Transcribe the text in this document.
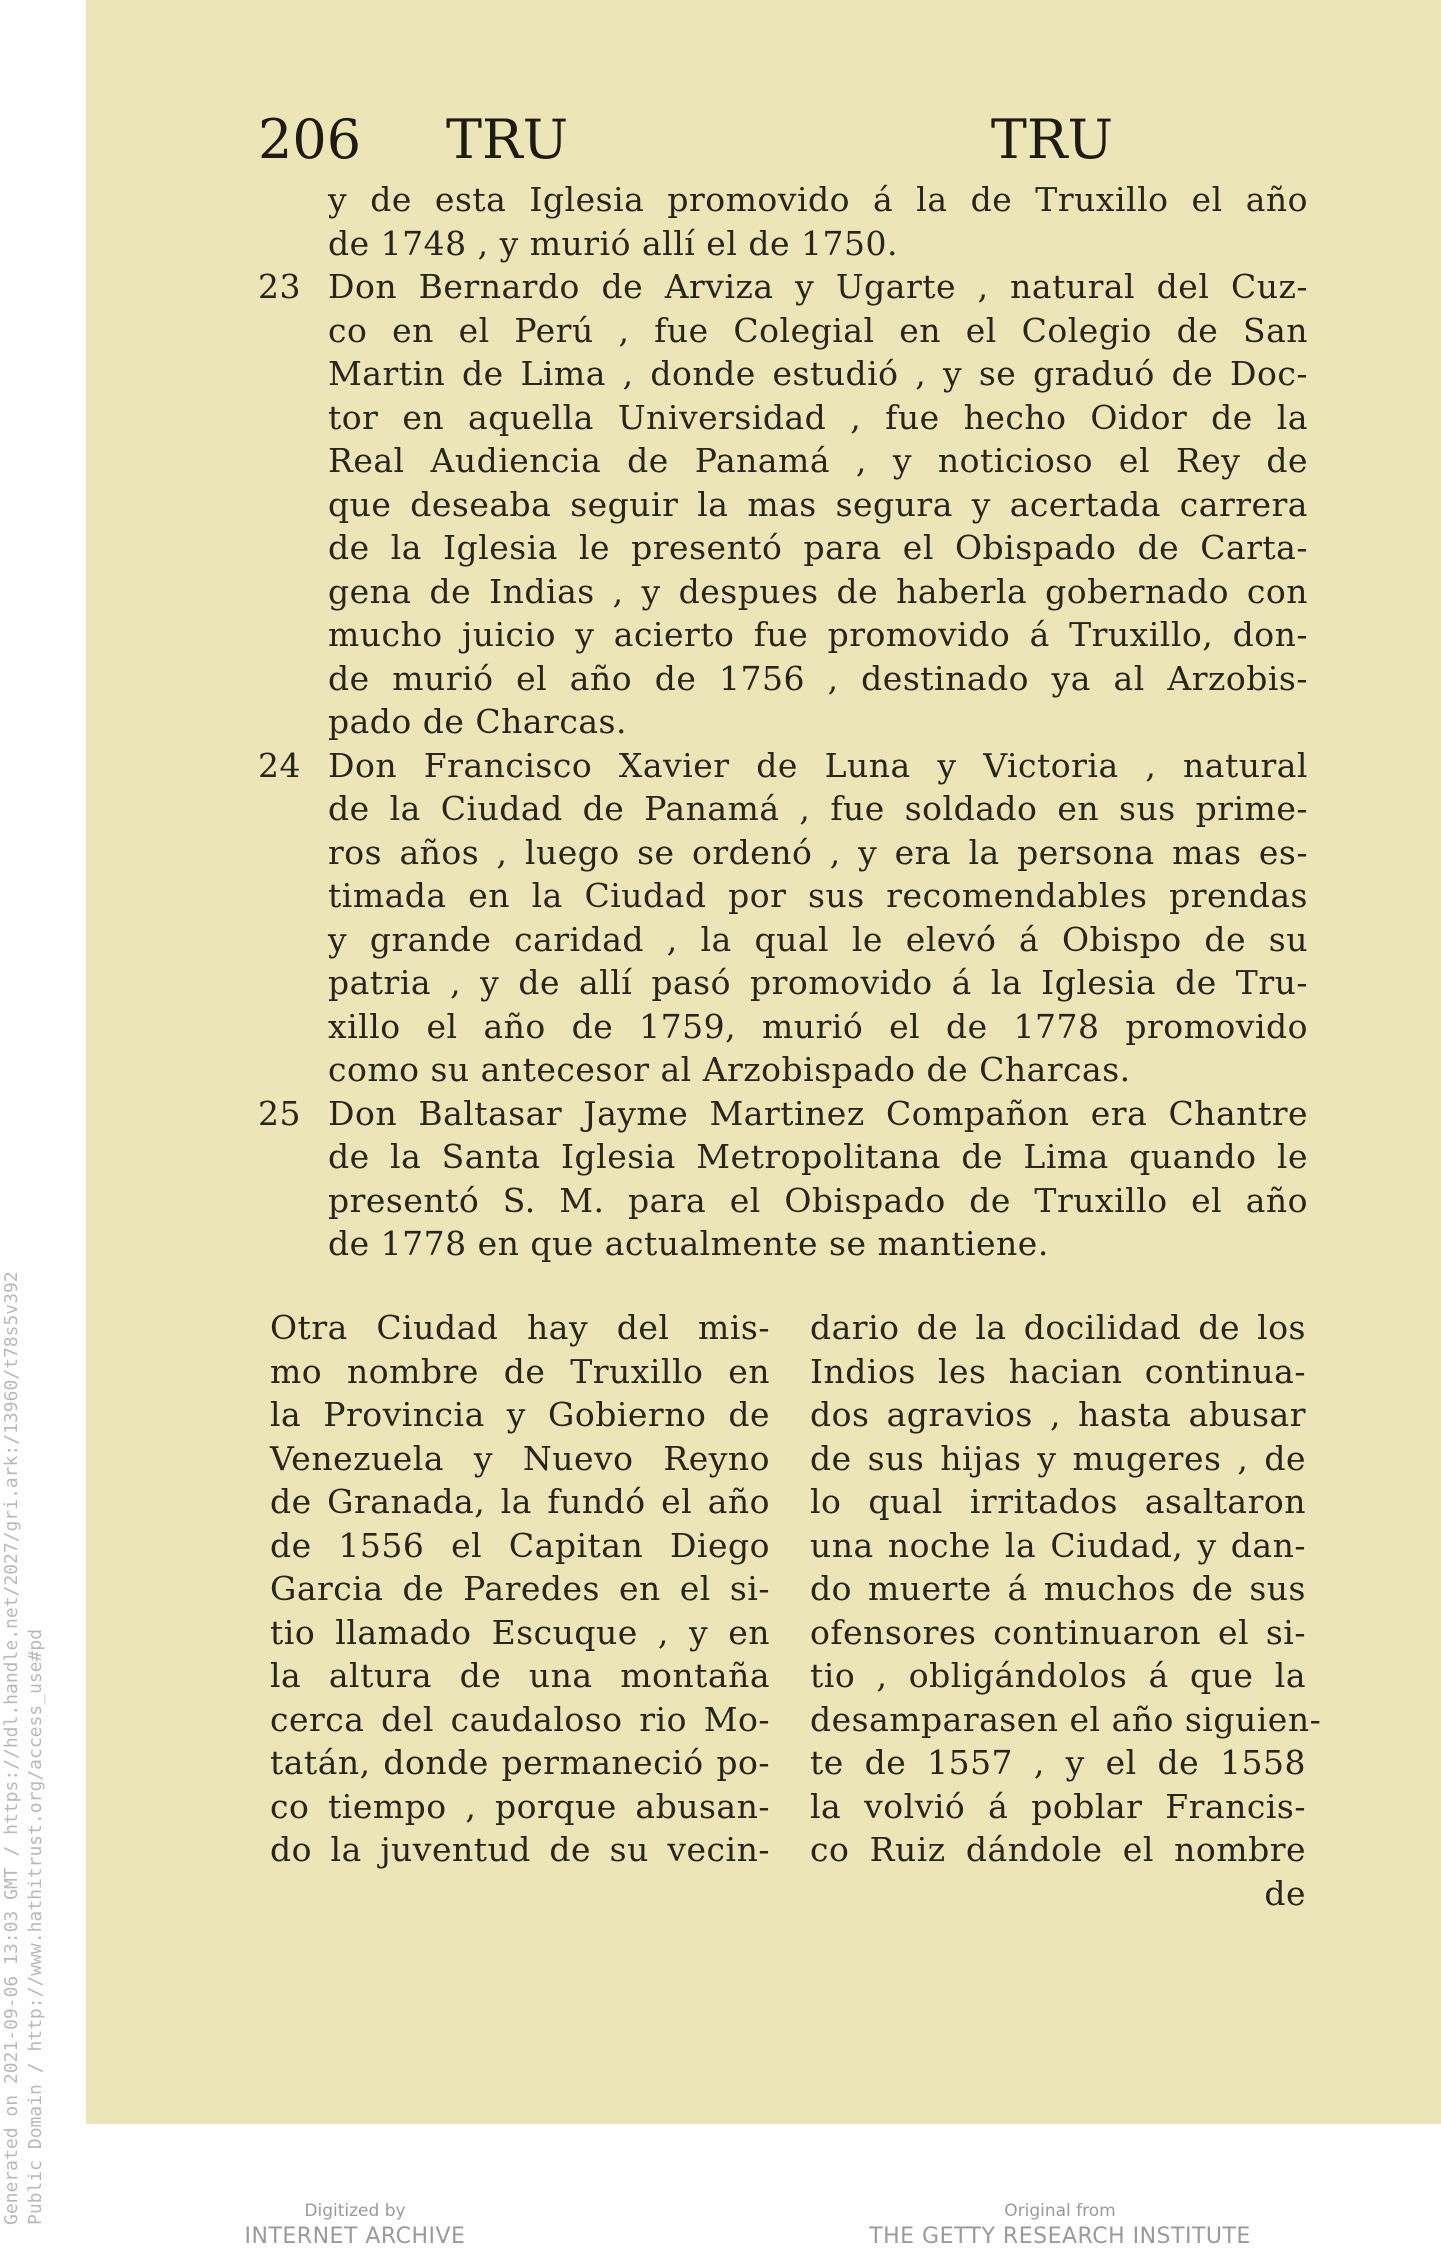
Generated on 2021-09-06 13:03 GMT / https://hdl.handle.net/2027/gri.ark:/13960/t78s5v392 Public Domain / http://www.hathitrust.org/access_use#pd
206 TRU	TRU
y de esta Iglesia promovido á la de Truxillo el año
de 1748 , y murió allí el de 1750.
23 Don Bernardo de Arviza y Ugarte , natural del Cuz-
co en el Perú , fue Colegial en el Colegio de San
Martin de Lima , donde estudió , y se graduó de Doc-
tor en aquella Universidad , fue hecho Oidor de la
Real Audiencia de Panamá , y noticioso el Rey de
que deseaba seguir la mas segura y acertada carrera
de la Iglesia le presentó para el Obispado de Carta-
gena de Indias , y despues de haberla gobernado con
mucho juicio y acierto fue promovido á Truxillo, don-
de murió el año de 1756 , destinado ya al Arzobis-
pado de Charcas.
24 Don Francisco Xavier de Luna y Victoria , natural
de la Ciudad de Panamá , fue soldado en sus prime-
ros años , luego se ordenó , y era la persona mas es-
timada en la Ciudad por sus recomendables prendas
y grande caridad , la qual le elevó á Obispo de su
patria , y de allí pasó promovido á la Iglesia de Tru-
xillo el año de 1759, murió el de 1778 promovido
como su antecesor al Arzobispado de Charcas.
25 Don Baltasar Jayme Martinez Compañon era Chantre
de la Santa Iglesia Metropolitana de Lima quando le
presentó S. M. para el Obispado de Truxillo el año
de 1778 en que actualmente se mantiene.
Otra Ciudad hay del mis-
mo nombre de Truxillo en
la Provincia y Gobierno de
Venezuela y Nuevo Reyno
de Granada, la fundó el año
de 1556 el Capitan Diego
Garcia de Paredes en el si-
tio llamado Escuque , y en
la altura de una montaña
cerca del caudaloso rio Mo-
tatán, donde permaneció po-
co tiempo , porque abusan-
do la juventud de su vecin-
dario de la docilidad de los
Indios les hacian continua-
dos agravios , hasta abusar
de sus hijas y mugeres , de
lo qual irritados asaltaron
una noche la Ciudad, y dan-
do muerte á muchos de sus
ofensores continuaron el si-
tio , obligándolos á que la
desamparasen el año siguien-
te de 1557 , y el de 1558
la volvió á poblar Francis-
co Ruiz dándole el nombre
de
Digitized by
INTERNET ARCHIVE
Original from
THE GETTY RESEARCH INSTITUTE
